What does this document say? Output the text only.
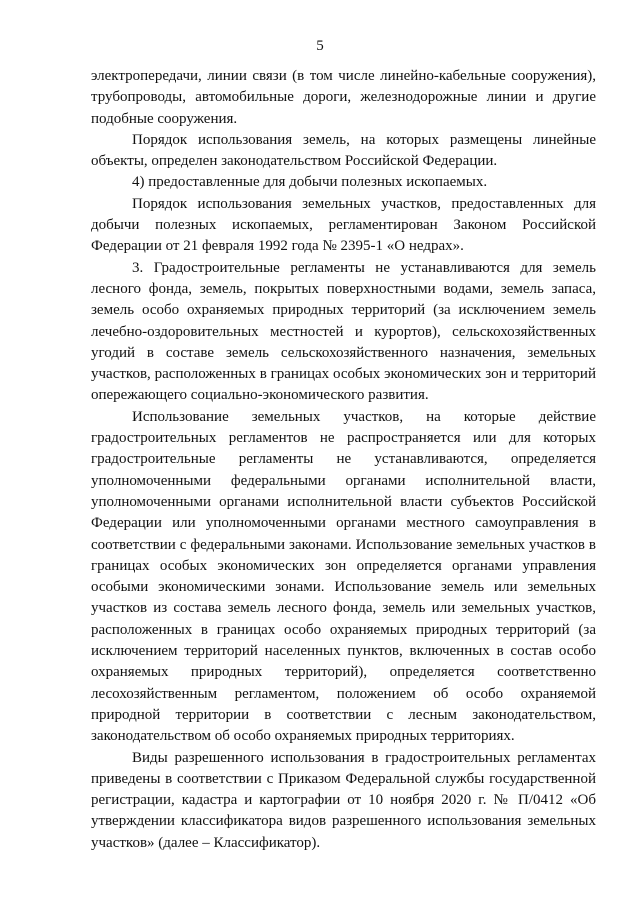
5

электропередачи, линии связи (в том числе линейно-кабельные сооружения), трубопроводы, автомобильные дороги, железнодорожные линии и другие подобные сооружения.

Порядок использования земель, на которых размещены линейные объекты, определен законодательством Российской Федерации.

4) предоставленные для добычи полезных ископаемых.

Порядок использования земельных участков, предоставленных для добычи полезных ископаемых, регламентирован Законом Российской Федерации от 21 февраля 1992 года № 2395-1 «О недрах».

3. Градостроительные регламенты не устанавливаются для земель лесного фонда, земель, покрытых поверхностными водами, земель запаса, земель особо охраняемых природных территорий (за исключением земель лечебно-оздоровительных местностей и курортов), сельскохозяйственных угодий в составе земель сельскохозяйственного назначения, земельных участков, расположенных в границах особых экономических зон и территорий опережающего социально-экономического развития.

Использование земельных участков, на которые действие градостроительных регламентов не распространяется или для которых градостроительные регламенты не устанавливаются, определяется уполномоченными федеральными органами исполнительной власти, уполномоченными органами исполнительной власти субъектов Российской Федерации или уполномоченными органами местного самоуправления в соответствии с федеральными законами. Использование земельных участков в границах особых экономических зон определяется органами управления особыми экономическими зонами. Использование земель или земельных участков из состава земель лесного фонда, земель или земельных участков, расположенных в границах особо охраняемых природных территорий (за исключением территорий населенных пунктов, включенных в состав особо охраняемых природных территорий), определяется соответственно лесохозяйственным регламентом, положением об особо охраняемой природной территории в соответствии с лесным законодательством, законодательством об особо охраняемых природных территориях.

Виды разрешенного использования в градостроительных регламентах приведены в соответствии с Приказом Федеральной службы государственной регистрации, кадастра и картографии от 10 ноября 2020 г. № П/0412 «Об утверждении классификатора видов разрешенного использования земельных участков» (далее – Классификатор).
